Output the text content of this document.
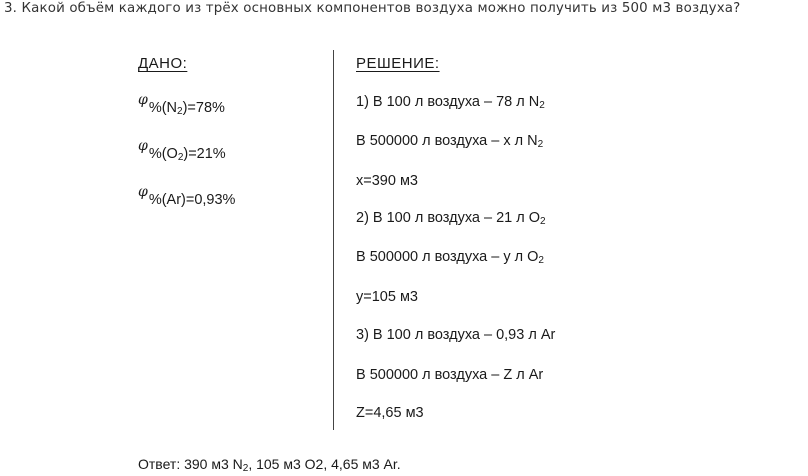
3. Какой объём каждого из трёх основных компонентов воздуха можно получить из 500 м3 воздуха?
ДАНО:	РЕШЕНИЕ:
$\varphi\%(N_2)=78\%$
$\varphi\%(O_2)=21\%$
φ%(Ar)=0,93%
1) В 100 л воздуха – 78 л $N_2$
В 500000 л воздуха – х л $N_2$
х=390 м3
2) В 100 л воздуха – 21 л $O_2$
В 500000 л воздуха – у л $O_2$
у=105 м3
3) В 100 л воздуха – 0,93 л Ar
В 500000 л воздуха – Z л Ar
Z=4,65 м3
Ответ: 390 м3 $N_2$, 105 м3 O2, 4,65 м3 Ar.
